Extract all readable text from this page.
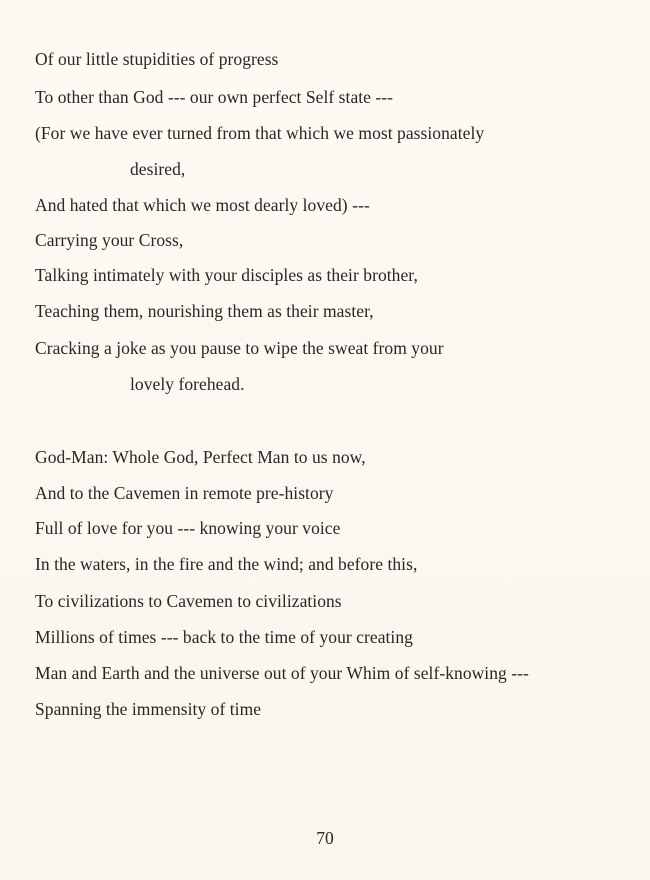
Of our little stupidities of progress
To other than God --- our own perfect Self state ---
(For we have ever turned from that which we most passionately
desired,
And hated that which we most dearly loved) ---
Carrying your Cross,
Talking intimately with your disciples as their brother,
Teaching them, nourishing them as their master,
Cracking a joke as you pause to wipe the sweat from your
lovely forehead.
God-Man: Whole God, Perfect Man to us now,
And to the Cavemen in remote pre-history
Full of love for you --- knowing your voice
In the waters, in the fire and the wind; and before this,
To civilizations to Cavemen to civilizations
Millions of times --- back to the time of your creating
Man and Earth and the universe out of your Whim of self-knowing ---
Spanning the immensity of time
70
